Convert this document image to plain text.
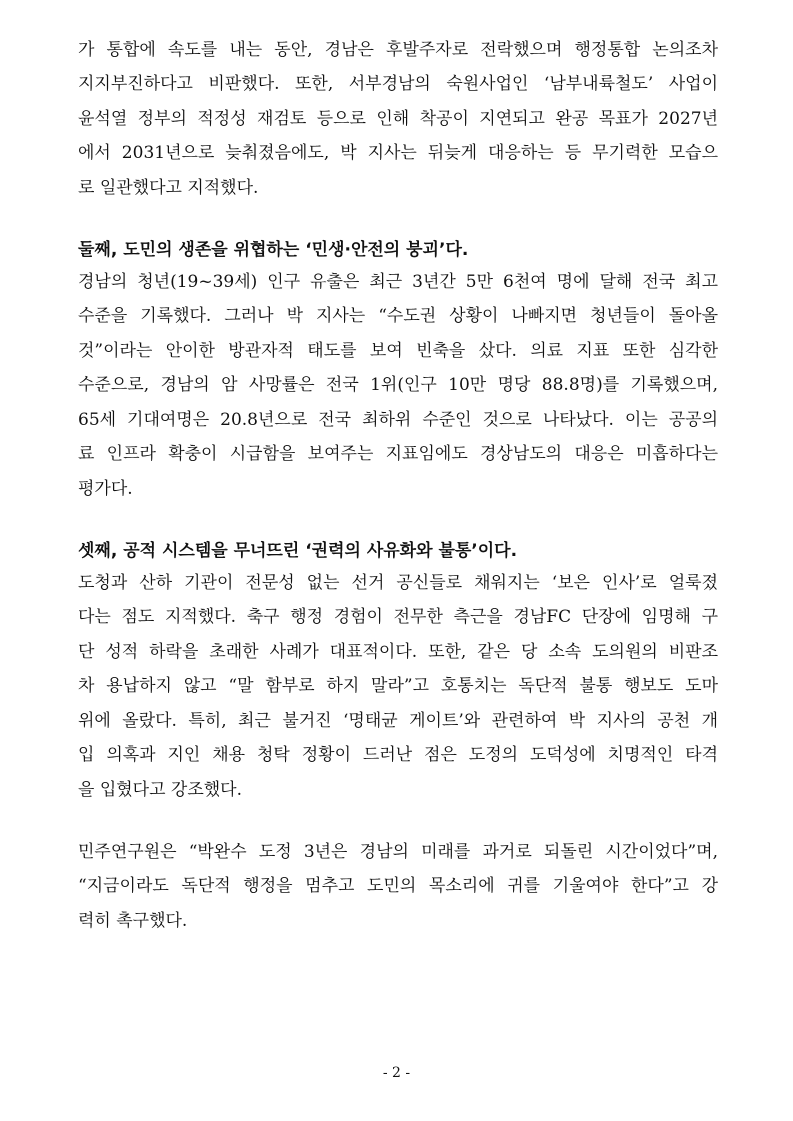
가 통합에 속도를 내는 동안, 경남은 후발주자로 전락했으며 행정통합 논의조차
지지부진하다고 비판했다. 또한, 서부경남의 숙원사업인 ‘남부내륙철도’ 사업이
윤석열 정부의 적정성 재검토 등으로 인해 착공이 지연되고 완공 목표가 2027년
에서 2031년으로 늦춰졌음에도, 박 지사는 뒤늦게 대응하는 등 무기력한 모습으
로 일관했다고 지적했다.
둘째, 도민의 생존을 위협하는 ‘민생·안전의 붕괴’다.
경남의 청년(19~39세) 인구 유출은 최근 3년간 5만 6천여 명에 달해 전국 최고
수준을 기록했다. 그러나 박 지사는 “수도권 상황이 나빠지면 청년들이 돌아올
것”이라는 안이한 방관자적 태도를 보여 빈축을 샀다. 의료 지표 또한 심각한
수준으로, 경남의 암 사망률은 전국 1위(인구 10만 명당 88.8명)를 기록했으며,
65세 기대여명은 20.8년으로 전국 최하위 수준인 것으로 나타났다. 이는 공공의
료 인프라 확충이 시급함을 보여주는 지표임에도 경상남도의 대응은 미흡하다는
평가다.
셋째, 공적 시스템을 무너뜨린 ‘권력의 사유화와 불통’이다.
도청과 산하 기관이 전문성 없는 선거 공신들로 채워지는 ‘보은 인사’로 얼룩졌
다는 점도 지적했다. 축구 행정 경험이 전무한 측근을 경남FC 단장에 임명해 구
단 성적 하락을 초래한 사례가 대표적이다. 또한, 같은 당 소속 도의원의 비판조
차 용납하지 않고 “말 함부로 하지 말라”고 호통치는 독단적 불통 행보도 도마
위에 올랐다. 특히, 최근 불거진 ‘명태균 게이트’와 관련하여 박 지사의 공천 개
입 의혹과 지인 채용 청탁 정황이 드러난 점은 도정의 도덕성에 치명적인 타격
을 입혔다고 강조했다.
민주연구원은 “박완수 도정 3년은 경남의 미래를 과거로 되돌린 시간이었다”며,
“지금이라도 독단적 행정을 멈추고 도민의 목소리에 귀를 기울여야 한다”고 강
력히 촉구했다.
- 2 -
